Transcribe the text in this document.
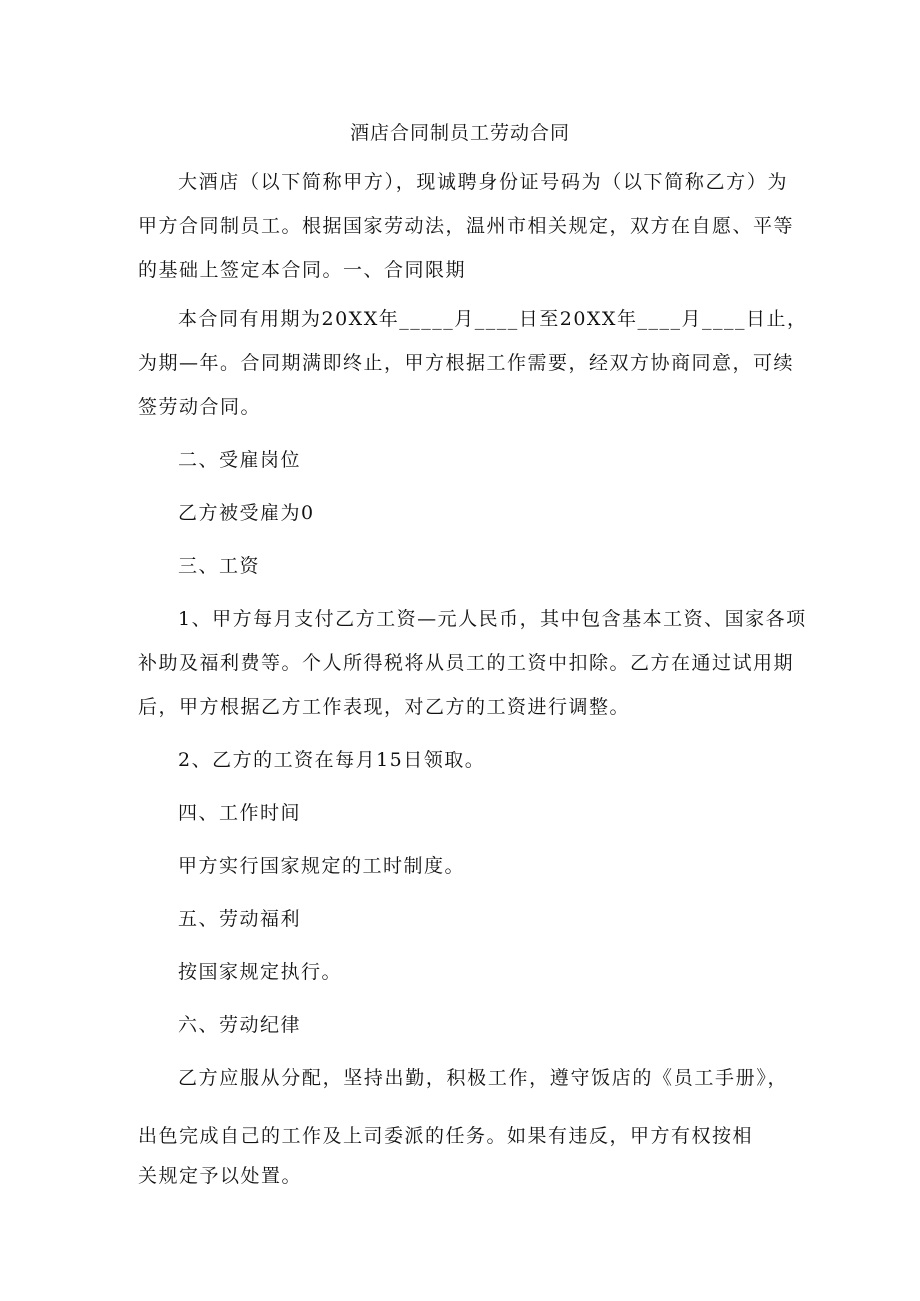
酒店合同制员工劳动合同

大酒店（以下简称甲方），现诚聘身份证号码为（以下简称乙方）为

甲方合同制员工。根据国家劳动法，温州市相关规定，双方在自愿、平等

的基础上签定本合同。一、合同限期

本合同有用期为20XX年_____月____日至20XX年____月____日止，

为期—年。合同期满即终止，甲方根据工作需要，经双方协商同意，可续

签劳动合同。

二、受雇岗位

乙方被受雇为0

三、工资

1、甲方每月支付乙方工资—元人民币，其中包含基本工资、国家各项

补助及福利费等。个人所得税将从员工的工资中扣除。乙方在通过试用期

后，甲方根据乙方工作表现，对乙方的工资进行调整。

2、乙方的工资在每月15日领取。

四、工作时间

甲方实行国家规定的工时制度。

五、劳动福利

按国家规定执行。

六、劳动纪律

乙方应服从分配，坚持出勤，积极工作，遵守饭店的《员工手册》，

出色完成自己的工作及上司委派的任务。如果有违反，甲方有权按相

关规定予以处置。
